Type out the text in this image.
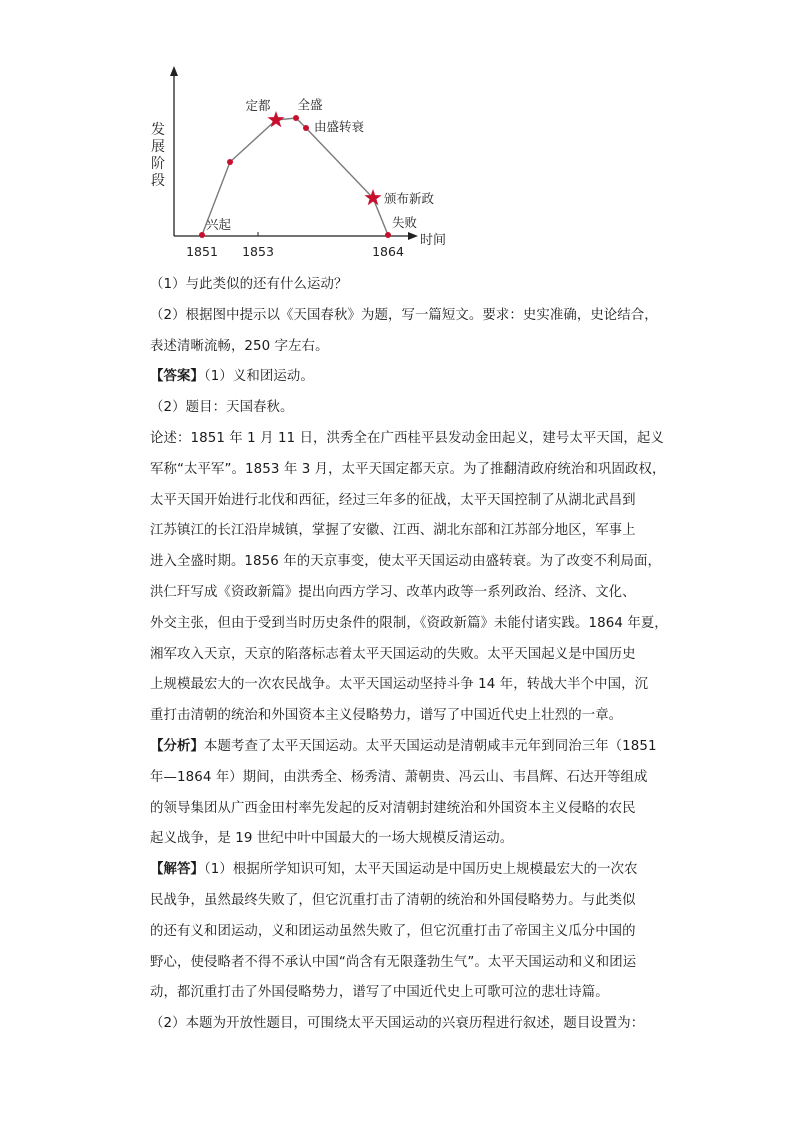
发
展
阶
段
时间
兴起
定都 全盛
由盛转衰
颁布新政
失败
1851 1853	1864

（1）与此类似的还有什么运动？

（2）根据图中提示以《天国春秋》为题，写一篇短文。要求：史实准确，史论结合，

表述清晰流畅，250 字左右。

【答案】（1）义和团运动。

（2）题目：天国春秋。

论述：1851 年 1 月 11 日，洪秀全在广西桂平县发动金田起义，建号太平天国，起义

军称“太平军”。1853 年 3 月，太平天国定都天京。为了推翻清政府统治和巩固政权，

太平天国开始进行北伐和西征，经过三年多的征战，太平天国控制了从湖北武昌到

江苏镇江的长江沿岸城镇，掌握了安徽、江西、湖北东部和江苏部分地区，军事上

进入全盛时期。1856 年的天京事变，使太平天国运动由盛转衰。为了改变不利局面，

洪仁玕写成《资政新篇》提出向西方学习、改革内政等一系列政治、经济、文化、

外交主张，但由于受到当时历史条件的限制，《资政新篇》未能付诸实践。1864 年夏，

湘军攻入天京，天京的陷落标志着太平天国运动的失败。太平天国起义是中国历史

上规模最宏大的一次农民战争。太平天国运动坚持斗争 14 年，转战大半个中国，沉

重打击清朝的统治和外国资本主义侵略势力，谱写了中国近代史上壮烈的一章。

【分析】本题考查了太平天国运动。太平天国运动是清朝咸丰元年到同治三年（1851

年—1864 年）期间，由洪秀全、杨秀清、萧朝贵、冯云山、韦昌辉、石达开等组成

的领导集团从广西金田村率先发起的反对清朝封建统治和外国资本主义侵略的农民

起义战争，是 19 世纪中叶中国最大的一场大规模反清运动。

【解答】（1）根据所学知识可知，太平天国运动是中国历史上规模最宏大的一次农

民战争，虽然最终失败了，但它沉重打击了清朝的统治和外国侵略势力。与此类似

的还有义和团运动，义和团运动虽然失败了，但它沉重打击了帝国主义瓜分中国的

野心，使侵略者不得不承认中国“尚含有无限蓬勃生气”。太平天国运动和义和团运

动，都沉重打击了外国侵略势力，谱写了中国近代史上可歌可泣的悲壮诗篇。

（2）本题为开放性题目，可围绕太平天国运动的兴衰历程进行叙述，题目设置为：
